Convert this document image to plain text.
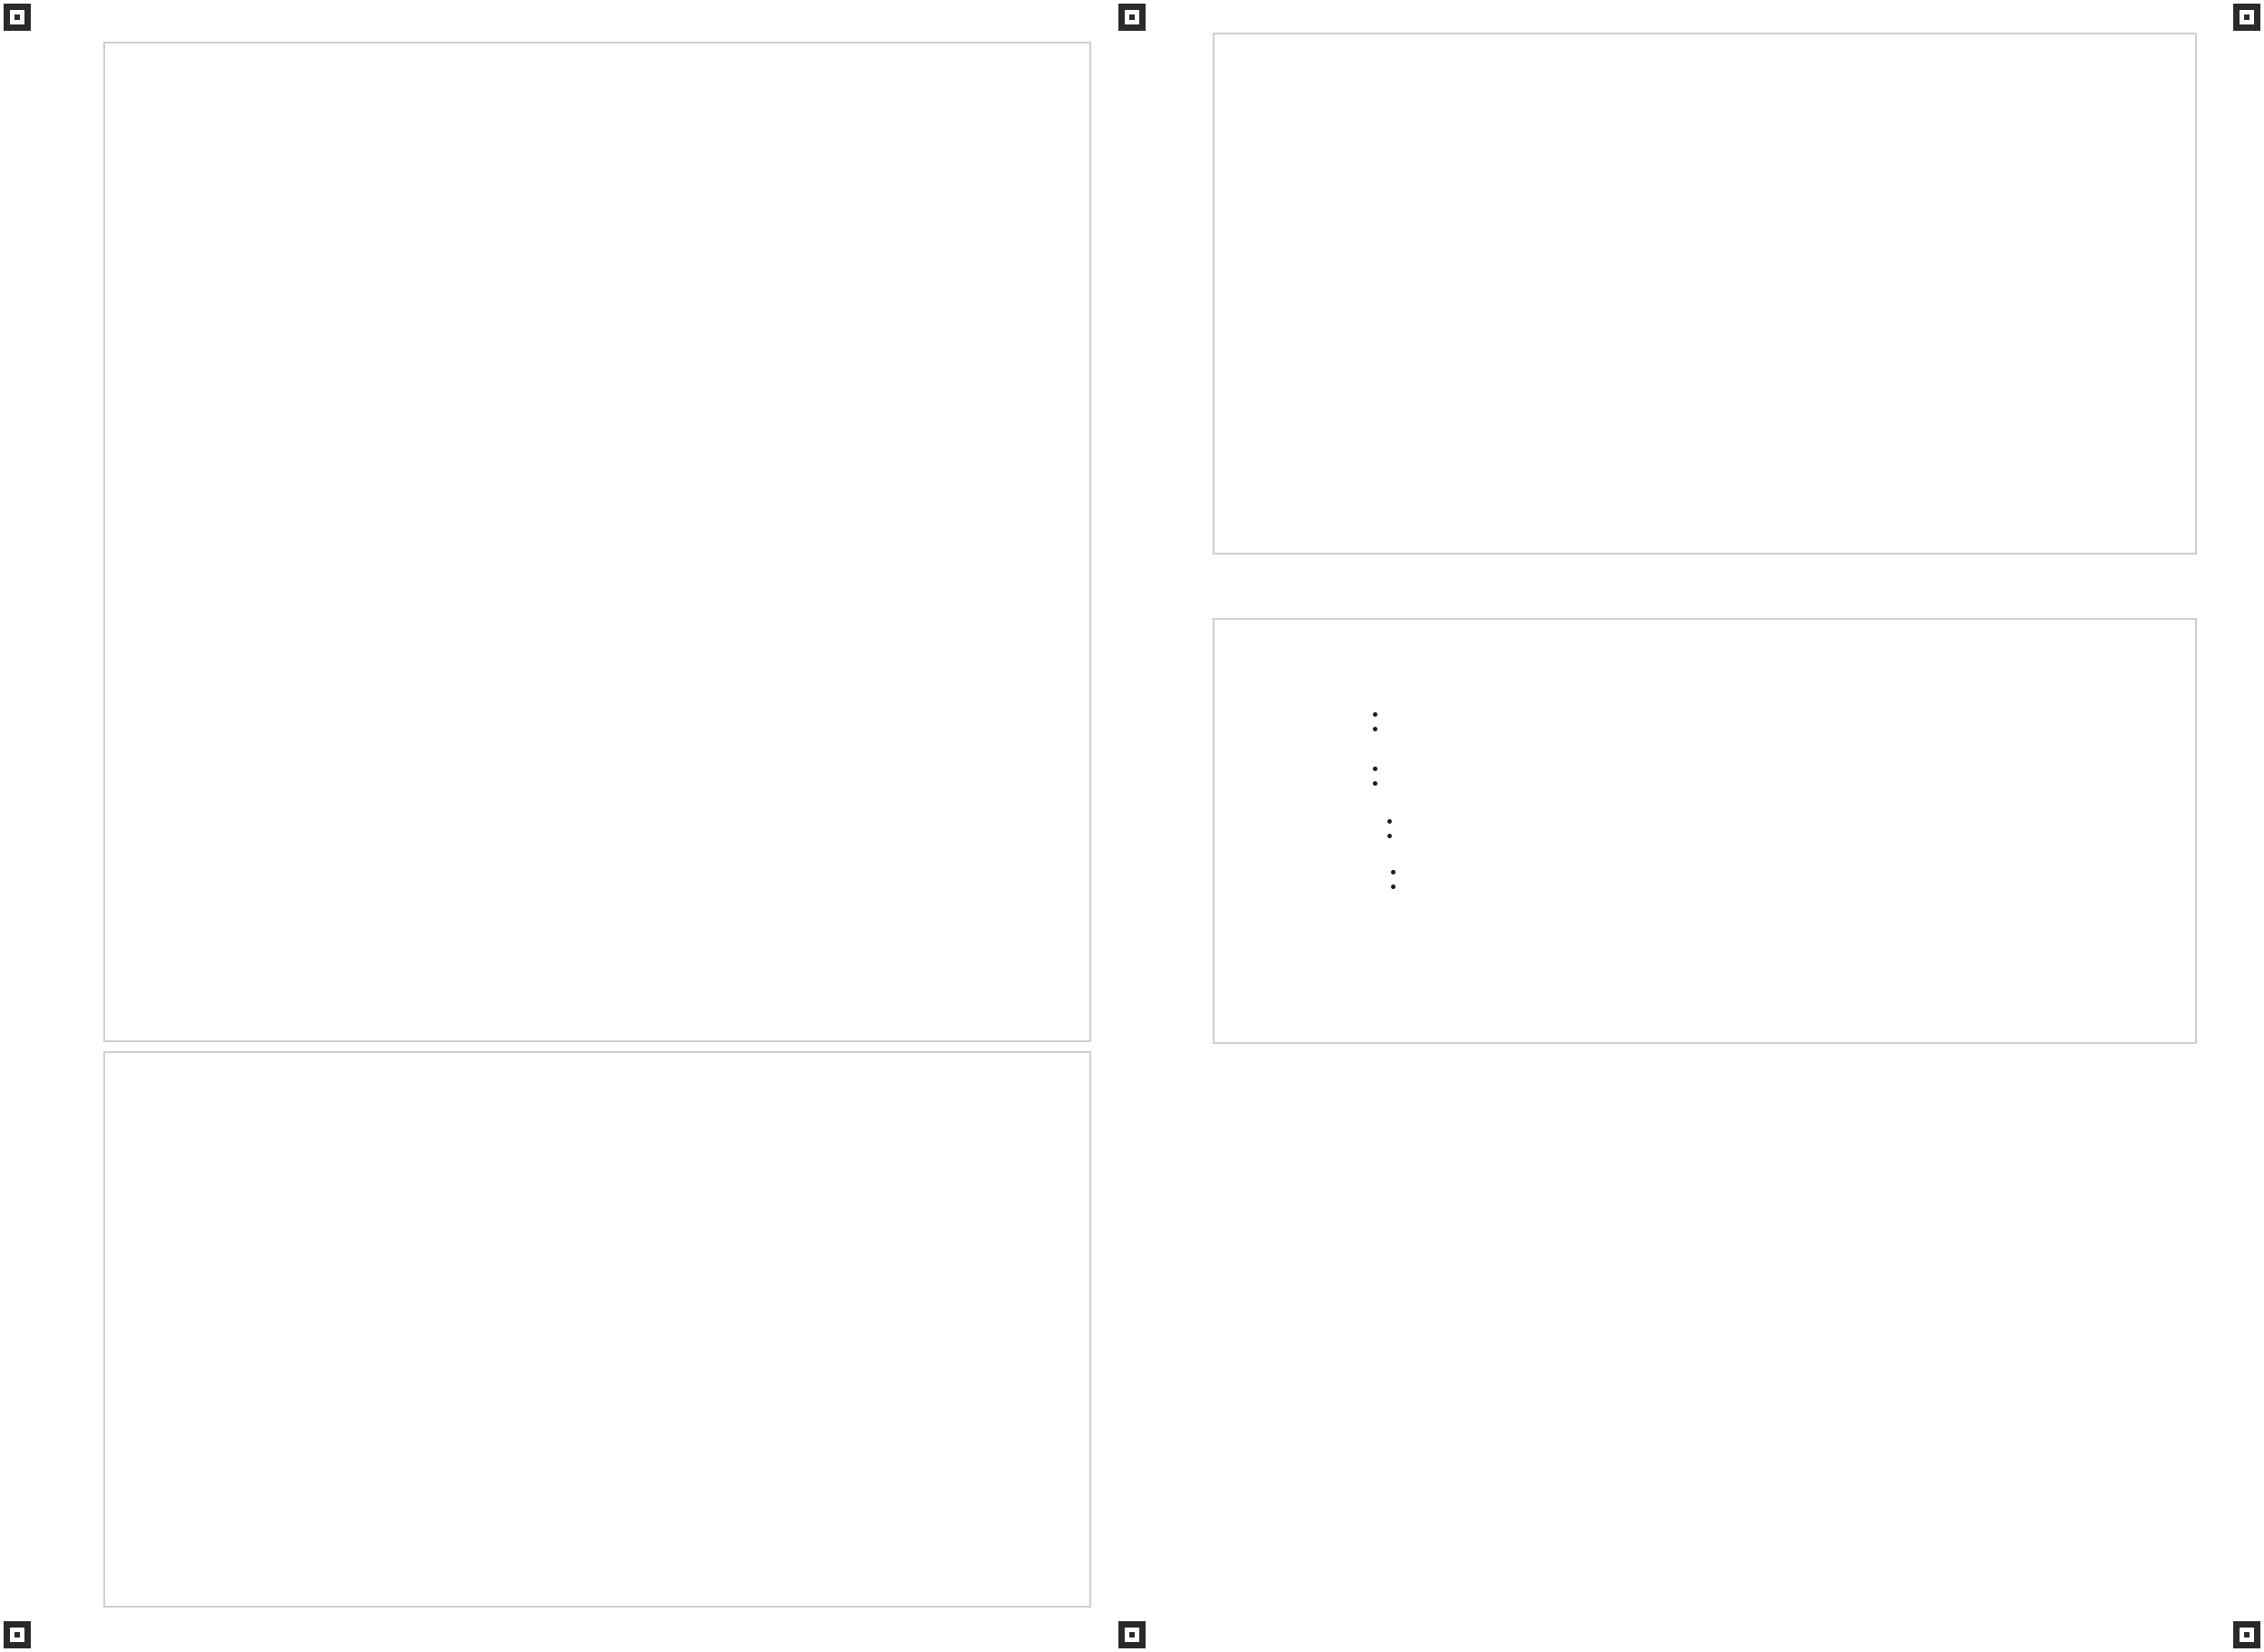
：
：
：
：
